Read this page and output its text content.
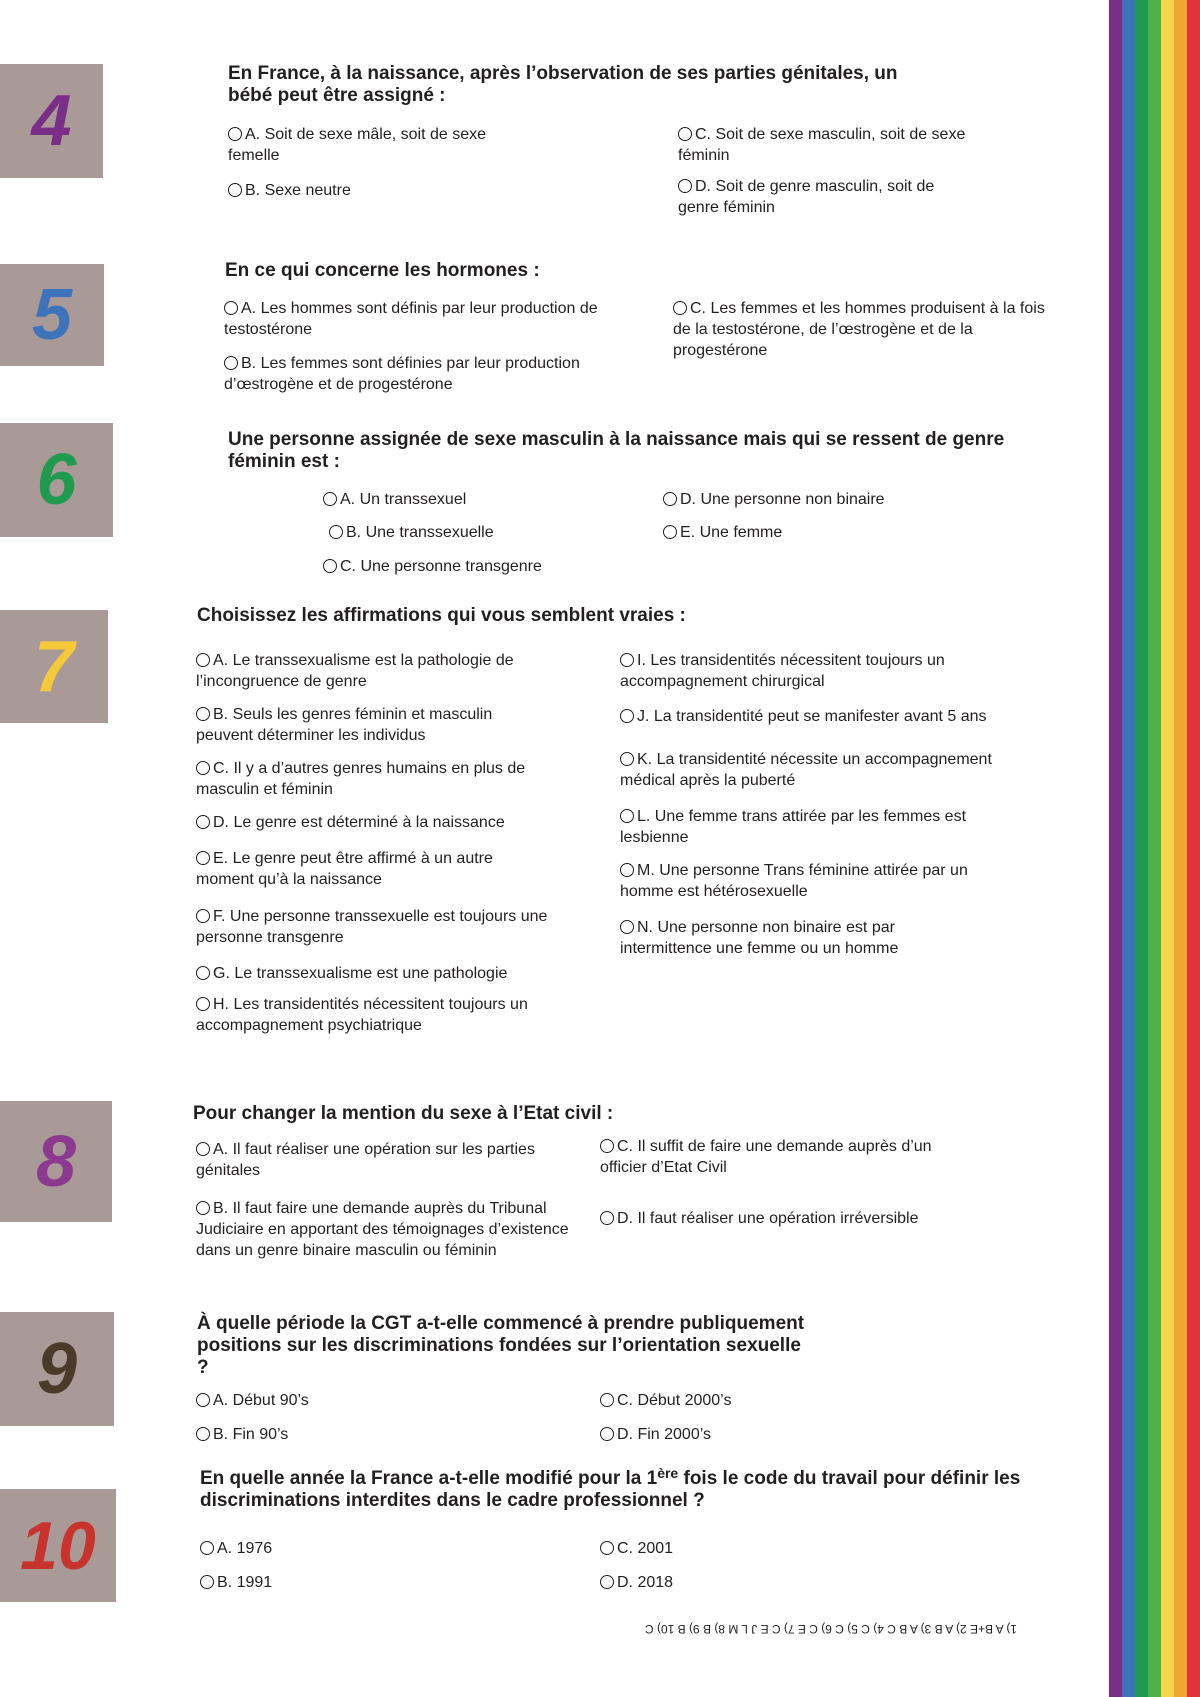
4
En France, à la naissance, après l’observation de ses parties génitales, un bébé peut être assigné :
A. Soit de sexe mâle, soit de sexe femelle
B. Sexe neutre
C. Soit de sexe masculin, soit de sexe féminin
D. Soit de genre masculin, soit de genre féminin
5
En ce qui concerne les hormones :
A. Les hommes sont définis par leur production de testostérone
B. Les femmes sont définies par leur production d’œstrogène et de progestérone
C. Les femmes et les hommes produisent à la fois de la testostérone, de l’œstrogène et de la progestérone
6
Une personne assignée de sexe masculin à la naissance mais qui se ressent de genre féminin est :
A. Un transsexuel
B. Une transsexuelle
C. Une personne transgenre
D. Une personne non binaire
E. Une femme
7
Choisissez les affirmations qui vous semblent vraies :
A. Le transsexualisme est la pathologie de l’incongruence de genre
B. Seuls les genres féminin et masculin peuvent déterminer les individus
C. Il y a d’autres genres humains en plus de masculin et féminin
D. Le genre est déterminé à la naissance
E. Le genre peut être affirmé à un autre moment qu’à la naissance
F. Une personne transsexuelle est toujours une personne transgenre
G. Le transsexualisme est une pathologie
H. Les transidentités nécessitent toujours un accompagnement psychiatrique
I. Les transidentités nécessitent toujours un accompagnement chirurgical
J. La transidentité peut se manifester avant 5 ans
K. La transidentité nécessite un accompagnement médical après la puberté
L. Une femme trans attirée par les femmes est lesbienne
M. Une personne Trans féminine attirée par un homme est hétérosexuelle
N. Une personne non binaire est par intermittence une femme ou un homme
8
Pour changer la mention du sexe à l’Etat civil :
A. Il faut réaliser une opération sur les parties génitales
B. Il faut faire une demande auprès du Tribunal Judiciaire en apportant des témoignages d’existence dans un genre binaire masculin ou féminin
C. Il suffit de faire une demande auprès d’un officier d’Etat Civil
D. Il faut réaliser une opération irréversible
9
À quelle période la CGT a-t-elle commencé à prendre publiquement positions sur les discriminations fondées sur l’orientation sexuelle ?
A. Début 90’s
B. Fin 90’s
C. Début 2000’s
D. Fin 2000’s
10
En quelle année la France a-t-elle modifié pour la 1ère fois le code du travail pour définir les discriminations interdites dans le cadre professionnel ?
A. 1976
B. 1991
C. 2001
D. 2018
1) A B+E 2) A B 3) A B C 4) C 5) C 6) C E 7) C E J L M 8) B 9) B 10) C
